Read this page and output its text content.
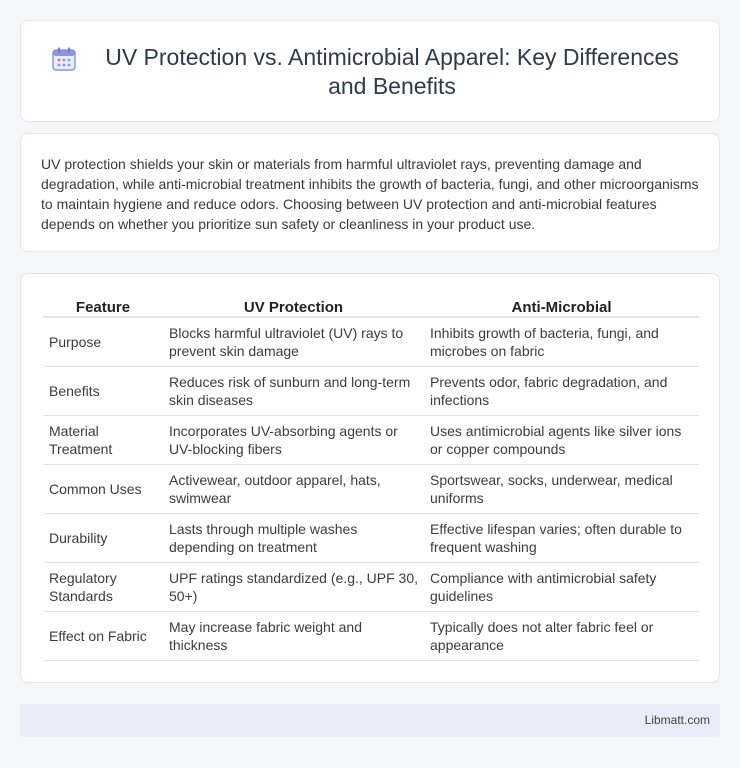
UV Protection vs. Antimicrobial Apparel: Key Differences and Benefits

UV protection shields your skin or materials from harmful ultraviolet rays, preventing damage and degradation, while anti-microbial treatment inhibits the growth of bacteria, fungi, and other microorganisms to maintain hygiene and reduce odors. Choosing between UV protection and anti-microbial features depends on whether you prioritize sun safety or cleanliness in your product use.

Feature	UV Protection	Anti-Microbial
Purpose	Blocks harmful ultraviolet (UV) rays to prevent skin damage	Inhibits growth of bacteria, fungi, and microbes on fabric
Benefits	Reduces risk of sunburn and long-term skin diseases	Prevents odor, fabric degradation, and infections
Material Treatment	Incorporates UV-absorbing agents or UV-blocking fibers	Uses antimicrobial agents like silver ions or copper compounds
Common Uses	Activewear, outdoor apparel, hats, swimwear	Sportswear, socks, underwear, medical uniforms
Durability	Lasts through multiple washes depending on treatment	Effective lifespan varies; often durable to frequent washing
Regulatory Standards	UPF ratings standardized (e.g., UPF 30, 50+)	Compliance with antimicrobial safety guidelines
Effect on Fabric	May increase fabric weight and thickness	Typically does not alter fabric feel or appearance
Libmatt.com
